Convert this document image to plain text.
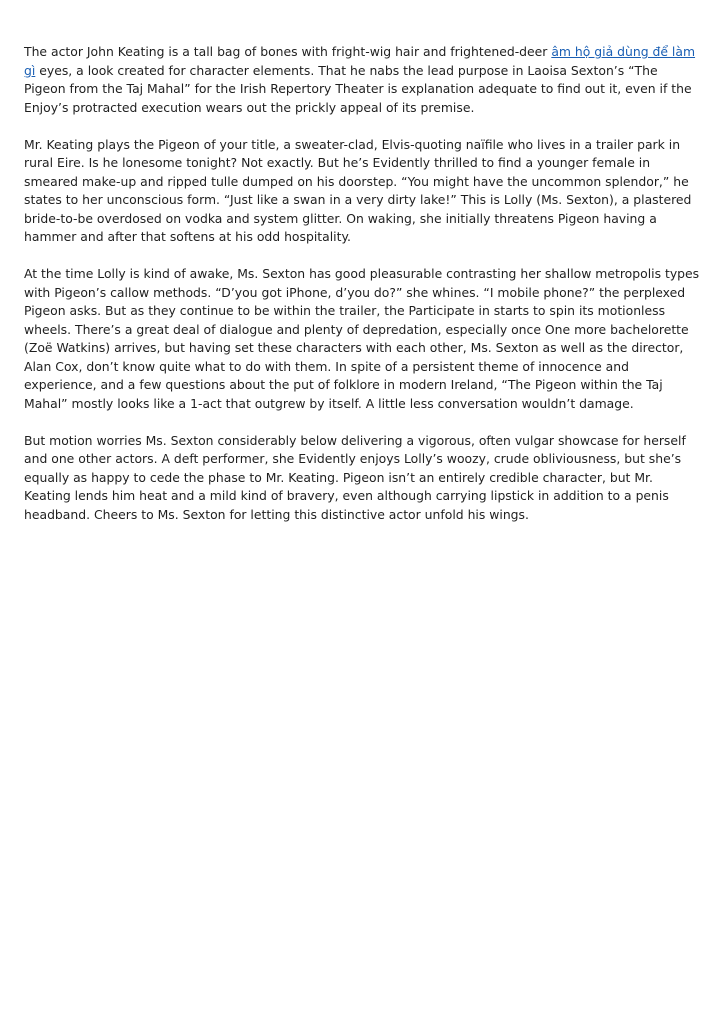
The actor John Keating is a tall bag of bones with fright-wig hair and frightened-deer âm hộ giả dùng để làm gì eyes, a look created for character elements. That he nabs the lead purpose in Laoisa Sexton’s “The Pigeon from the Taj Mahal” for the Irish Repertory Theater is explanation adequate to find out it, even if the Enjoy’s protracted execution wears out the prickly appeal of its premise.

Mr. Keating plays the Pigeon of your title, a sweater-clad, Elvis-quoting naïfile who lives in a trailer park in rural Eire. Is he lonesome tonight? Not exactly. But he’s Evidently thrilled to find a younger female in smeared make-up and ripped tulle dumped on his doorstep. “You might have the uncommon splendor,” he states to her unconscious form. “Just like a swan in a very dirty lake!” This is Lolly (Ms. Sexton), a plastered bride-to-be overdosed on vodka and system glitter. On waking, she initially threatens Pigeon having a hammer and after that softens at his odd hospitality.

At the time Lolly is kind of awake, Ms. Sexton has good pleasurable contrasting her shallow metropolis types with Pigeon’s callow methods. “D’you got iPhone, d’you do?” she whines. “I mobile phone?” the perplexed Pigeon asks. But as they continue to be within the trailer, the Participate in starts to spin its motionless wheels. There’s a great deal of dialogue and plenty of depredation, especially once One more bachelorette (Zoë Watkins) arrives, but having set these characters with each other, Ms. Sexton as well as the director, Alan Cox, don’t know quite what to do with them. In spite of a persistent theme of innocence and experience, and a few questions about the put of folklore in modern Ireland, “The Pigeon within the Taj Mahal” mostly looks like a 1-act that outgrew by itself. A little less conversation wouldn’t damage.

But motion worries Ms. Sexton considerably below delivering a vigorous, often vulgar showcase for herself and one other actors. A deft performer, she Evidently enjoys Lolly’s woozy, crude obliviousness, but she’s equally as happy to cede the phase to Mr. Keating. Pigeon isn’t an entirely credible character, but Mr. Keating lends him heat and a mild kind of bravery, even although carrying lipstick in addition to a penis headband. Cheers to Ms. Sexton for letting this distinctive actor unfold his wings.
